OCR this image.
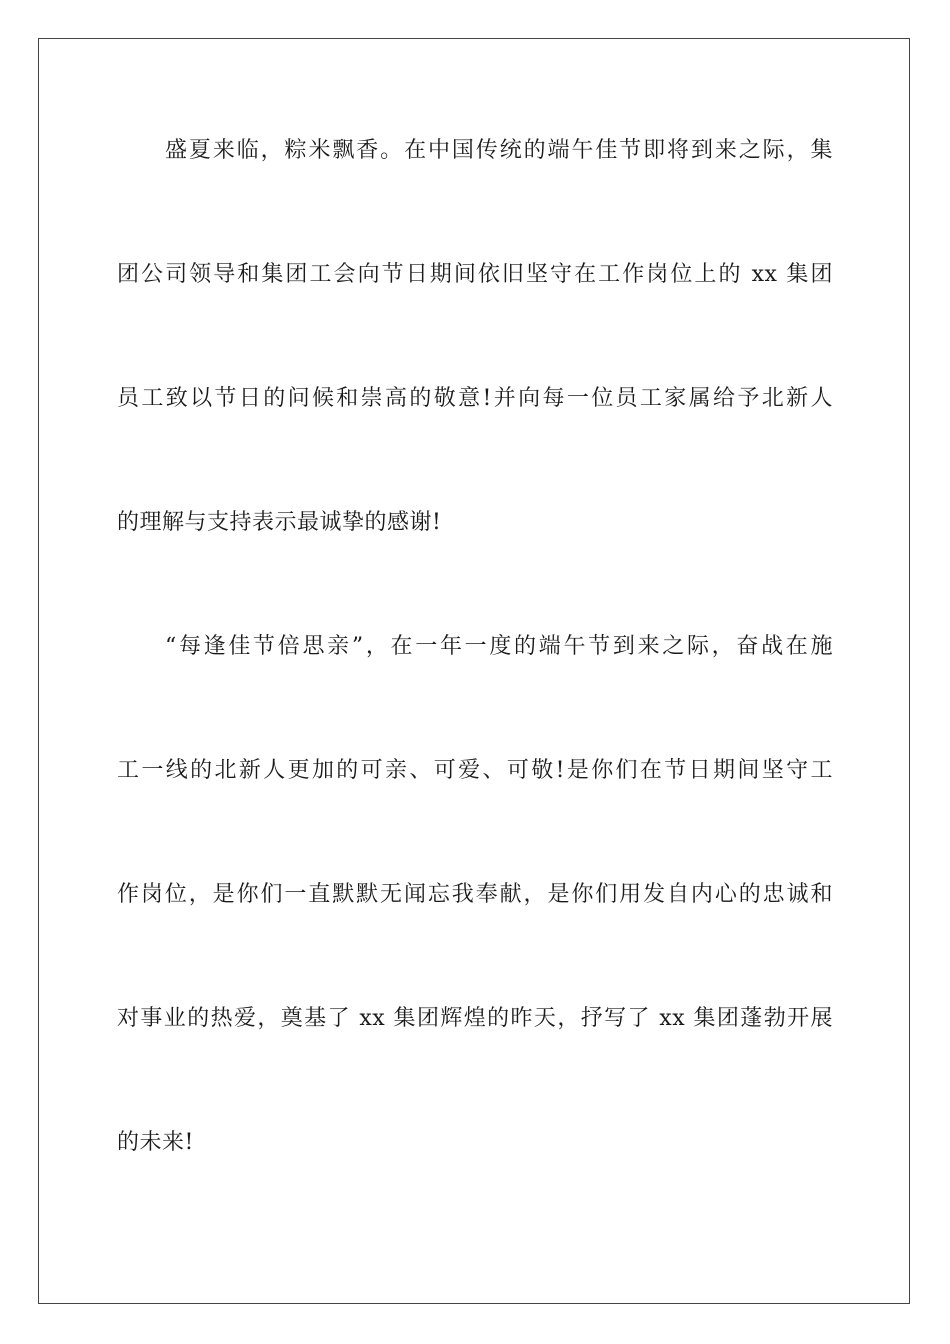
盛夏来临，粽米飘香。在中国传统的端午佳节即将到来之际，集

团公司领导和集团工会向节日期间依旧坚守在工作岗位上的 xx 集团

员工致以节日的问候和崇高的敬意!并向每一位员工家属给予北新人

的理解与支持表示最诚挚的感谢!

“每逢佳节倍思亲”，在一年一度的端午节到来之际，奋战在施

工一线的北新人更加的可亲、可爱、可敬!是你们在节日期间坚守工

作岗位，是你们一直默默无闻忘我奉献，是你们用发自内心的忠诚和

对事业的热爱，奠基了 xx 集团辉煌的昨天，抒写了 xx 集团蓬勃开展

的未来!
